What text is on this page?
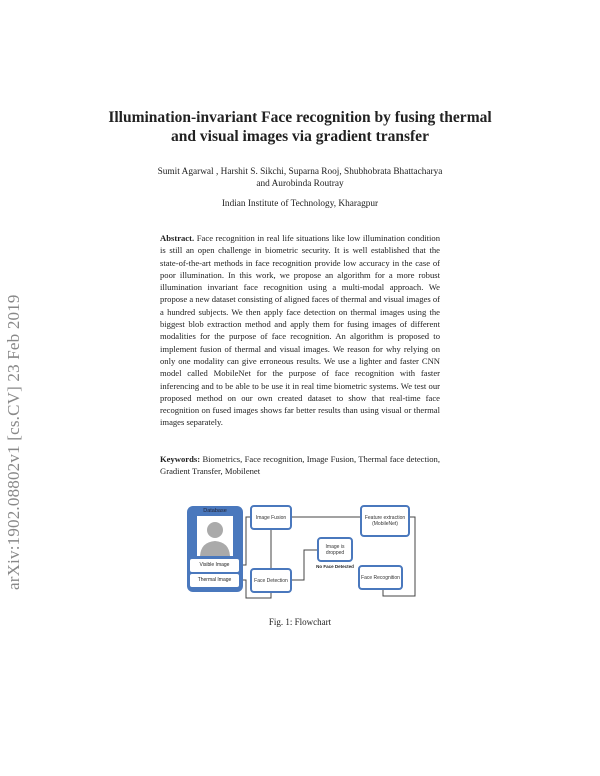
arXiv:1902.08802v1 [cs.CV] 23 Feb 2019
Illumination-invariant Face recognition by fusing thermal and visual images via gradient transfer
Sumit Agarwal , Harshit S. Sikchi, Suparna Rooj, Shubhobrata Bhattacharya
and Aurobinda Routray
Indian Institute of Technology, Kharagpur
Abstract. Face recognition in real life situations like low illumination condition is still an open challenge in biometric security. It is well established that the state-of-the-art methods in face recognition provide low accuracy in the case of poor illumination. In this work, we propose an algorithm for a more robust illumination invariant face recognition using a multi-modal approach. We propose a new dataset consisting of aligned faces of thermal and visual images of a hundred subjects. We then apply face detection on thermal images using the biggest blob extraction method and apply them for fusing images of different modalities for the purpose of face recognition. An algorithm is proposed to implement fusion of thermal and visual images. We reason for why relying on only one modality can give erroneous results. We use a lighter and faster CNN model called MobileNet for the purpose of face recognition with faster inferencing and to be able to be use it in real time biometric systems. We test our proposed method on our own created dataset to show that real-time face recognition on fused images shows far better results than using visual or thermal images separately.
Keywords: Biometrics, Face recognition, Image Fusion, Thermal face detection, Gradient Transfer, Mobilenet
Database
Visible Image
Thermal Image
Image Fusion	Feature extraction (MobileNet)
Image is dropped
No Face Detected
Face Detection	Face Recognition
Fig. 1: Flowchart
